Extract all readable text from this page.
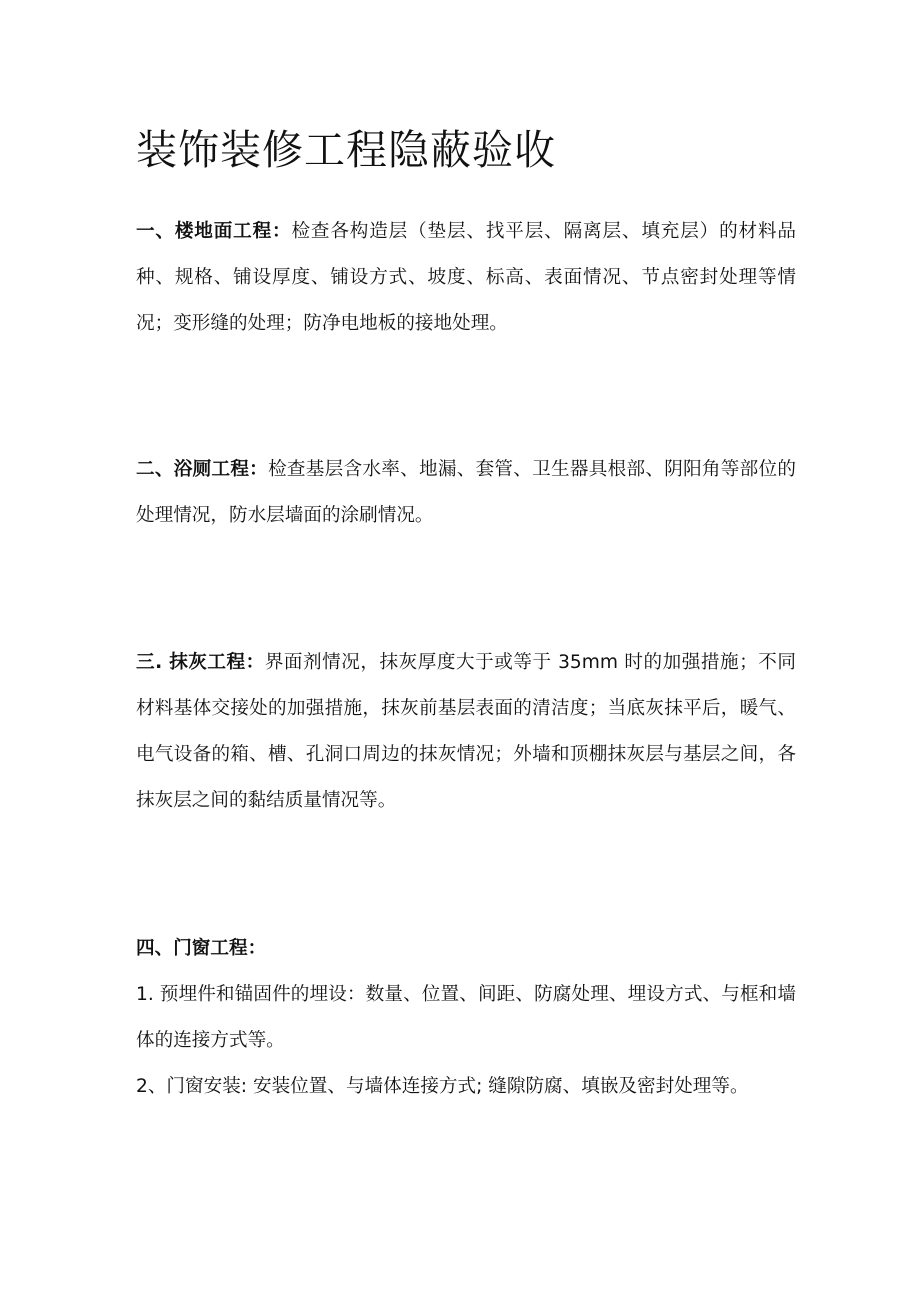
装饰装修工程隐蔽验收

一、楼地面工程：检查各构造层（垫层、找平层、隔离层、填充层）的材料品种、规格、铺设厚度、铺设方式、坡度、标高、表面情况、节点密封处理等情况；变形缝的处理；防净电地板的接地处理。

二、浴厕工程：检查基层含水率、地漏、套管、卫生器具根部、阴阳角等部位的处理情况，防水层墙面的涂刷情况。

三. 抹灰工程：界面剂情况，抹灰厚度大于或等于 35mm 时的加强措施；不同材料基体交接处的加强措施，抹灰前基层表面的清洁度；当底灰抹平后，暖气、电气设备的箱、槽、孔洞口周边的抹灰情况；外墙和顶棚抹灰层与基层之间，各抹灰层之间的黏结质量情况等。

四、门窗工程：

1. 预埋件和锚固件的埋设：数量、位置、间距、防腐处理、埋设方式、与框和墙体的连接方式等。

2、门窗安装: 安装位置、与墙体连接方式; 缝隙防腐、填嵌及密封处理等。
